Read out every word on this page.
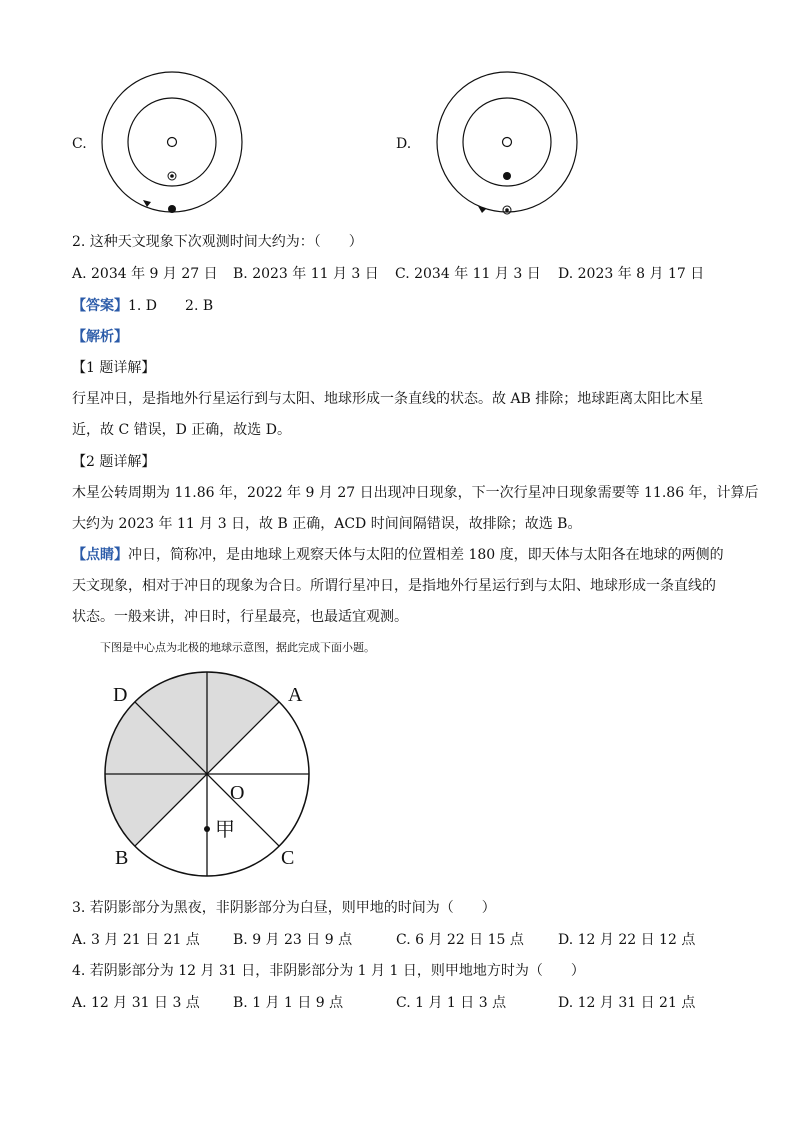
C.	D.
2. 这种天文现象下次观测时间大约为：（　　）
A. 2034 年 9 月 27 日 B. 2023 年 11 月 3 日 C. 2034 年 11 月 3 日 D. 2023 年 8 月 17 日
【答案】1. D　　2. B
【解析】
【1 题详解】
行星冲日，是指地外行星运行到与太阳、地球形成一条直线的状态。故 AB 排除；地球距离太阳比木星
近，故 C 错误，D 正确，故选 D。
【2 题详解】
木星公转周期为 11.86 年，2022 年 9 月 27 日出现冲日现象，下一次行星冲日现象需要等 11.86 年，计算后
大约为 2023 年 11 月 3 日，故 B 正确，ACD 时间间隔错误，故排除；故选 B。
【点睛】冲日，简称冲，是由地球上观察天体与太阳的位置相差 180 度，即天体与太阳各在地球的两侧的
天文现象，相对于冲日的现象为合日。所谓行星冲日，是指地外行星运行到与太阳、地球形成一条直线的
状态。一般来讲，冲日时，行星最亮，也最适宜观测。
下图是中心点为北极的地球示意图，据此完成下面小题。
D	A
O
甲
B	C
3. 若阴影部分为黑夜，非阴影部分为白昼，则甲地的时间为（　　）
A. 3 月 21 日 21 点 B. 9 月 23 日 9 点	C. 6 月 22 日 15 点 D. 12 月 22 日 12 点
4. 若阴影部分为 12 月 31 日，非阴影部分为 1 月 1 日，则甲地地方时为（　　）
A. 12 月 31 日 3 点 B. 1 月 1 日 9 点	C. 1 月 1 日 3 点	D. 12 月 31 日 21 点
